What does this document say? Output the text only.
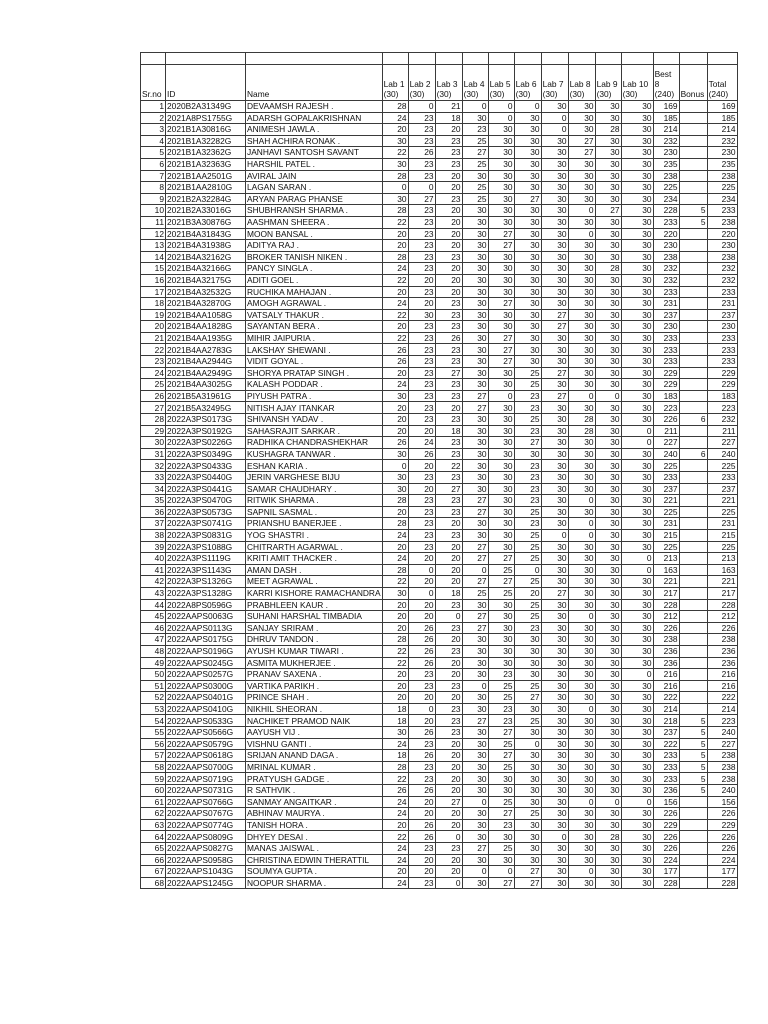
Sr.no	ID	Name	Lab 1 (30)	Lab 2 (30)	Lab 3 (30)	Lab 4 (30)	Lab 5 (30)	Lab 6 (30)	Lab 7 (30)	Lab 8 (30)	Lab 9 (30)	Lab 10 (30)	Best 8 (240)	Bonus	Total (240)
1	2020B2A31349G	DEVAAMSH RAJESH .	28	0	21	0	0	0	30	30	30	30	169		169
2	2021A8PS1755G	ADARSH GOPALAKRISHNAN	24	23	18	30	0	30	0	30	30	30	185		185
3	2021B1A30816G	ANIMESH JAWLA .	20	23	20	23	30	30	0	30	28	30	214		214
4	2021B1A32282G	SHAH ACHIRA RONAK .	30	23	23	25	30	30	30	27	30	30	232		232
5	2021B1A32362G	JANHAVI SANTOSH SAVANT	22	26	23	27	30	30	30	27	30	30	230		230
6	2021B1A32363G	HARSHIL PATEL .	30	23	23	25	30	30	30	30	30	30	235		235
7	2021B1AA2501G	AVIRAL JAIN	28	23	20	30	30	30	30	30	30	30	238		238
8	2021B1AA2810G	LAGAN SARAN .	0	0	20	25	30	30	30	30	30	30	225		225
9	2021B2A32284G	ARYAN PARAG PHANSE	30	27	23	25	30	27	30	30	30	30	234		234
10	2021B2A33016G	SHUBHRANSH SHARMA .	28	23	20	30	30	30	30	0	27	30	228	5	233
11	2021B3A30876G	AASHMAN SHEERA .	22	23	20	30	30	30	30	30	30	30	233	5	238
12	2021B4A31843G	MOON BANSAL .	20	23	20	30	27	30	30	0	30	30	220		220
13	2021B4A31938G	ADITYA RAJ .	20	23	20	30	27	30	30	30	30	30	230		230
14	2021B4A32162G	BROKER TANISH NIKEN .	28	23	23	30	30	30	30	30	30	30	238		238
15	2021B4A32166G	PANCY SINGLA .	24	23	20	30	30	30	30	30	28	30	232		232
16	2021B4A32175G	ADITI GOEL .	22	20	20	30	30	30	30	30	30	30	232		232
17	2021B4A32532G	RUCHIKA MAHAJAN .	20	23	20	30	30	30	30	30	30	30	233		233
18	2021B4A32870G	AMOGH AGRAWAL .	24	20	23	30	27	30	30	30	30	30	231		231
19	2021B4AA1058G	VATSALY THAKUR .	22	30	23	30	30	30	27	30	30	30	237		237
20	2021B4AA1828G	SAYANTAN BERA .	20	23	23	30	30	30	27	30	30	30	230		230
21	2021B4AA1935G	MIHIR JAIPURIA .	22	23	26	30	27	30	30	30	30	30	233		233
22	2021B4AA2783G	LAKSHAY SHEWANI .	26	23	23	30	27	30	30	30	30	30	233		233
23	2021B4AA2944G	VIDIT GOYAL .	26	23	23	30	27	30	30	30	30	30	233		233
24	2021B4AA2949G	SHORYA PRATAP SINGH .	20	23	27	30	30	25	27	30	30	30	229		229
25	2021B4AA3025G	KALASH PODDAR .	24	23	23	30	30	25	30	30	30	30	229		229
26	2021B5A31961G	PIYUSH PATRA .	30	23	23	27	0	23	27	0	0	30	183		183
27	2021B5A32495G	NITISH AJAY ITANKAR	20	23	20	27	30	23	30	30	30	30	223		223
28	2022A3PS0173G	SHIVANSH YADAV .	20	23	23	30	30	25	30	28	30	30	226	6	232
29	2022A3PS0192G	SAHASRAJIT SARKAR .	20	20	18	30	30	23	30	28	30	0	211		211
30	2022A3PS0226G	RADHIKA CHANDRASHEKHAR	26	24	23	30	30	27	30	30	30	0	227		227
31	2022A3PS0349G	KUSHAGRA TANWAR .	30	26	23	30	30	30	30	30	30	30	240	6	240
32	2022A3PS0433G	ESHAN KARIA .	0	20	22	30	30	23	30	30	30	30	225		225
33	2022A3PS0440G	JERIN VARGHESE BIJU	30	23	23	30	30	23	30	30	30	30	233		233
34	2022A3PS0441G	SAMAR CHAUDHARY .	30	20	27	30	30	23	30	30	30	30	237		237
35	2022A3PS0470G	RITWIK SHARMA .	28	23	23	27	30	23	30	0	30	30	221		221
36	2022A3PS0573G	SAPNIL SASMAL .	20	23	23	27	30	25	30	30	30	30	225		225
37	2022A3PS0741G	PRIANSHU BANERJEE .	28	23	20	30	30	23	30	0	30	30	231		231
38	2022A3PS0831G	YOG SHASTRI .	24	23	23	30	30	25	0	0	30	30	215		215
39	2022A3PS1088G	CHITRARTH AGARWAL .	20	23	20	27	30	25	30	30	30	30	225		225
40	2022A3PS1119G	KRITI AMIT THACKER .	24	20	20	27	27	25	30	30	30	0	213		213
41	2022A3PS1143G	AMAN DASH .	28	0	20	0	25	0	30	30	30	0	163		163
42	2022A3PS1326G	MEET AGRAWAL .	22	20	20	27	27	25	30	30	30	30	221		221
43	2022A3PS1328G	KARRI KISHORE RAMACHANDRA	30	0	18	25	25	20	27	30	30	30	217		217
44	2022A8PS0596G	PRABHLEEN KAUR .	20	20	23	30	30	25	30	30	30	30	228		228
45	2022AAPS0063G	SUHANI HARSHAL TIMBADIA	20	20	0	27	30	25	30	0	30	30	212		212
46	2022AAPS0113G	SANJAY SRIRAM .	20	26	23	27	30	23	30	30	30	30	226		226
47	2022AAPS0175G	DHRUV TANDON .	28	26	20	30	30	30	30	30	30	30	238		238
48	2022AAPS0196G	AYUSH KUMAR TIWARI .	22	26	23	30	30	30	30	30	30	30	236		236
49	2022AAPS0245G	ASMITA MUKHERJEE .	22	26	20	30	30	30	30	30	30	30	236		236
50	2022AAPS0257G	PRANAV SAXENA .	20	23	20	30	23	30	30	30	30	0	216		216
51	2022AAPS0300G	VARTIKA PARIKH .	20	23	23	0	25	25	30	30	30	30	216		216
52	2022AAPS0401G	PRINCE SHAH .	20	20	20	30	25	27	30	30	30	30	222		222
53	2022AAPS0410G	NIKHIL SHEORAN .	18	0	23	30	23	30	30	0	30	30	214		214
54	2022AAPS0533G	NACHIKET PRAMOD NAIK	18	20	23	27	23	25	30	30	30	30	218	5	223
55	2022AAPS0566G	AAYUSH VIJ .	30	26	23	30	27	30	30	30	30	30	237	5	240
56	2022AAPS0579G	VISHNU GANTI .	24	23	20	30	25	0	30	30	30	30	222	5	227
57	2022AAPS0618G	SRIJAN ANAND DAGA .	18	26	20	30	27	30	30	30	30	30	233	5	238
58	2022AAPS0700G	MRINAL KUMAR .	28	23	20	30	25	30	30	30	30	30	233	5	238
59	2022AAPS0719G	PRATYUSH GADGE .	22	23	20	30	30	30	30	30	30	30	233	5	238
60	2022AAPS0731G	R SATHVIK .	26	26	20	30	30	30	30	30	30	30	236	5	240
61	2022AAPS0766G	SANMAY ANGAITKAR .	24	20	27	0	25	30	30	0	0	0	156		156
62	2022AAPS0767G	ABHINAV MAURYA .	24	20	20	30	27	25	30	30	30	30	226		226
63	2022AAPS0774G	TANISH HORA .	20	26	20	30	23	30	30	30	30	30	229		229
64	2022AAPS0809G	DHYEY DESAI .	22	26	0	30	30	30	0	30	28	30	226		226
65	2022AAPS0827G	MANAS JAISWAL .	24	23	23	27	25	30	30	30	30	30	226		226
66	2022AAPS0958G	CHRISTINA EDWIN THERATTIL	24	20	20	30	30	30	30	30	30	30	224		224
67	2022AAPS1043G	SOUMYA GUPTA .	20	20	20	0	0	27	30	0	30	30	177		177
68	2022AAPS1245G	NOOPUR SHARMA .	24	23	0	30	27	27	30	30	30	30	228		228
